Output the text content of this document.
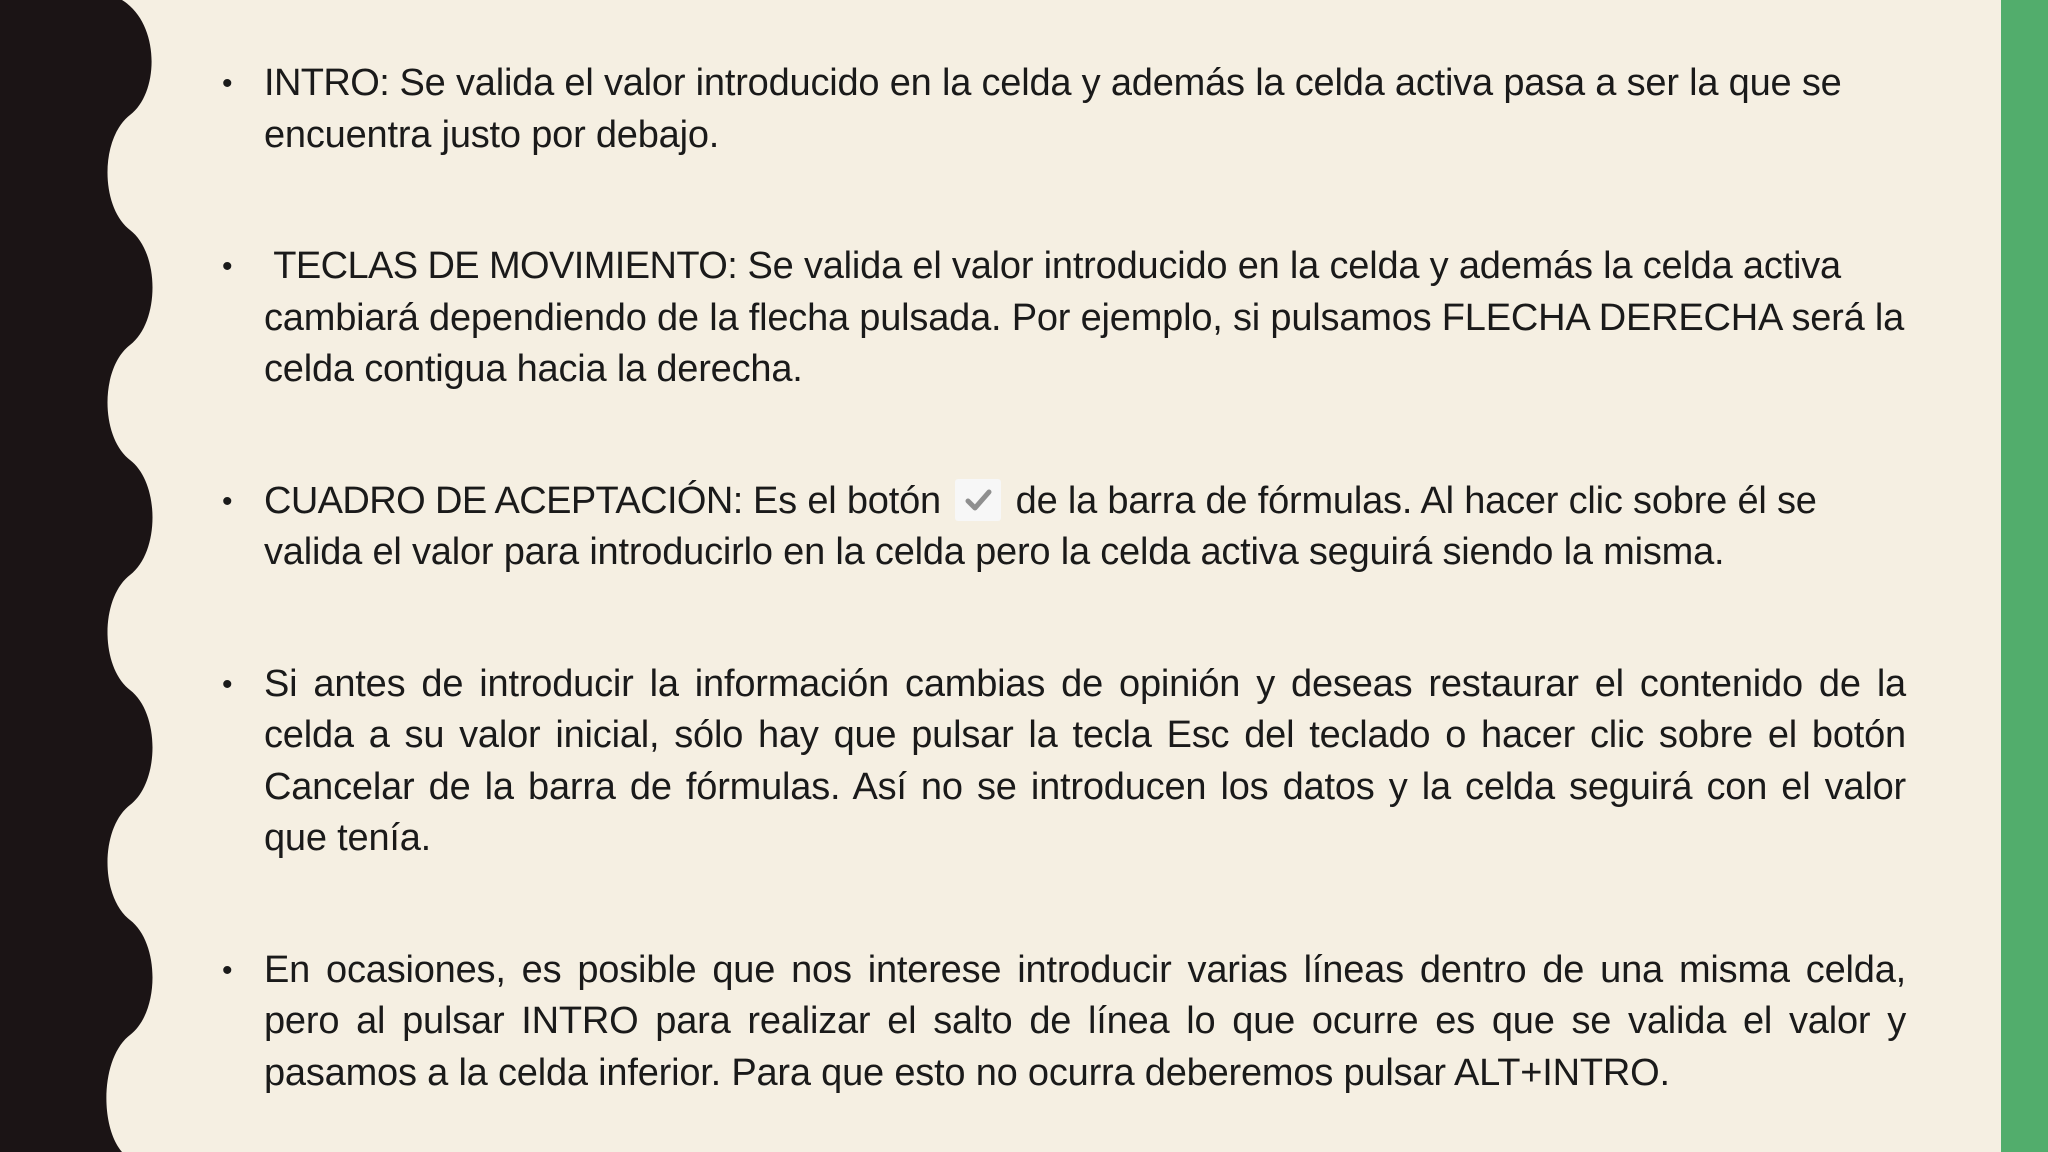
• INTRO: Se valida el valor introducido en la celda y además la celda activa pasa a ser la que se encuentra justo por debajo.
• TECLAS DE MOVIMIENTO: Se valida el valor introducido en la celda y además la celda activa cambiará dependiendo de la flecha pulsada. Por ejemplo, si pulsamos FLECHA DERECHA será la celda contigua hacia la derecha.
• CUADRO DE ACEPTACIÓN: Es el botón
de la barra de fórmulas. Al hacer clic sobre él se valida el valor para introducirlo en la celda pero la celda activa seguirá siendo la misma.
• Si antes de introducir la información cambias de opinión y deseas restaurar el contenido de la celda a su valor inicial, sólo hay que pulsar la tecla Esc del teclado o hacer clic sobre el botón Cancelar de la barra de fórmulas. Así no se introducen los datos y la celda seguirá con el valor que tenía.
• En ocasiones, es posible que nos interese introducir varias líneas dentro de una misma celda, pero al pulsar INTRO para realizar el salto de línea lo que ocurre es que se valida el valor y pasamos a la celda inferior. Para que esto no ocurra deberemos pulsar ALT+INTRO.
